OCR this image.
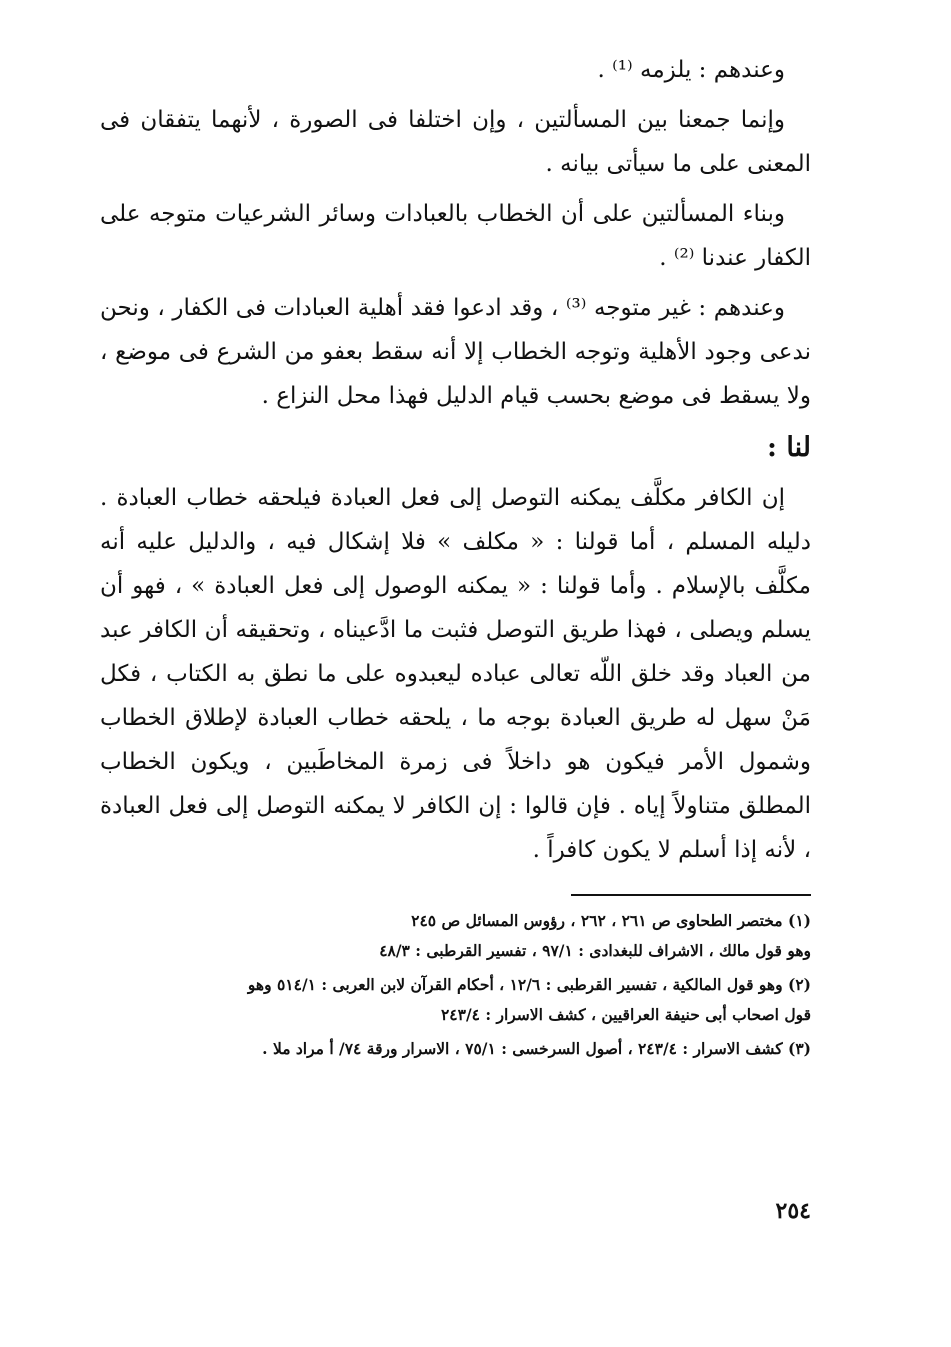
وعندهم : يلزمه ⁽¹⁾ .

وإنما جمعنا بين المسألتين ، وإن اختلفا فى الصورة ، لأنهما يتفقان فى المعنى على ما سيأتى بيانه .

وبناء المسألتين على أن الخطاب بالعبادات وسائر الشرعيات متوجه على الكفار عندنا ⁽²⁾ .

وعندهم : غير متوجه ⁽³⁾ ، وقد ادعوا فقد أهلية العبادات فى الكفار ، ونحن ندعى وجود الأهلية وتوجه الخطاب إلا أنه سقط بعفو من الشرع فى موضع ، ولا يسقط فى موضع بحسب قيام الدليل فهذا محل النزاع .

لنا :

إن الكافر مكلَّف يمكنه التوصل إلى فعل العبادة فيلحقه خطاب العبادة . دليله المسلم ، أما قولنا : « مكلف » فلا إشكال فيه ، والدليل عليه أنه مكلَّف بالإسلام . وأما قولنا : « يمكنه الوصول إلى فعل العبادة » ، فهو أن يسلم ويصلى ، فهذا طريق التوصل فثبت ما ادَّعيناه ، وتحقيقه أن الكافر عبد من العباد وقد خلق اللّه تعالى عباده ليعبدوه على ما نطق به الكتاب ، فكل مَنْ سهل له طريق العبادة بوجه ما ، يلحقه خطاب العبادة لإطلاق الخطاب وشمول الأمر فيكون هو داخلاً فى زمرة المخاطَبين ، ويكون الخطاب المطلق متناولاً إياه . فإن قالوا : إن الكافر لا يمكنه التوصل إلى فعل العبادة ، لأنه إذا أسلم لا يكون كافراً .

(١) مختصر الطحاوى ص ٢٦١ ، ٢٦٢ ، رؤوس المسائل ص ٢٤٥
وهو قول مالك ، الاشراف للبغدادى : ٩٧/١ ، تفسير القرطبى : ٤٨/٣
(٢) وهو قول المالكية ، تفسير القرطبى : ١٢/٦ ، أحكام القرآن لابن العربى : ٥١٤/١ وهو
قول اصحاب أبى حنيفة العراقيين ، كشف الاسرار : ٢٤٣/٤
(٣) كشف الاسرار : ٢٤٣/٤ ، أصول السرخسى : ٧٥/١ ، الاسرار ورقة ٧٤/ أ مراد ملا .
٢٥٤
